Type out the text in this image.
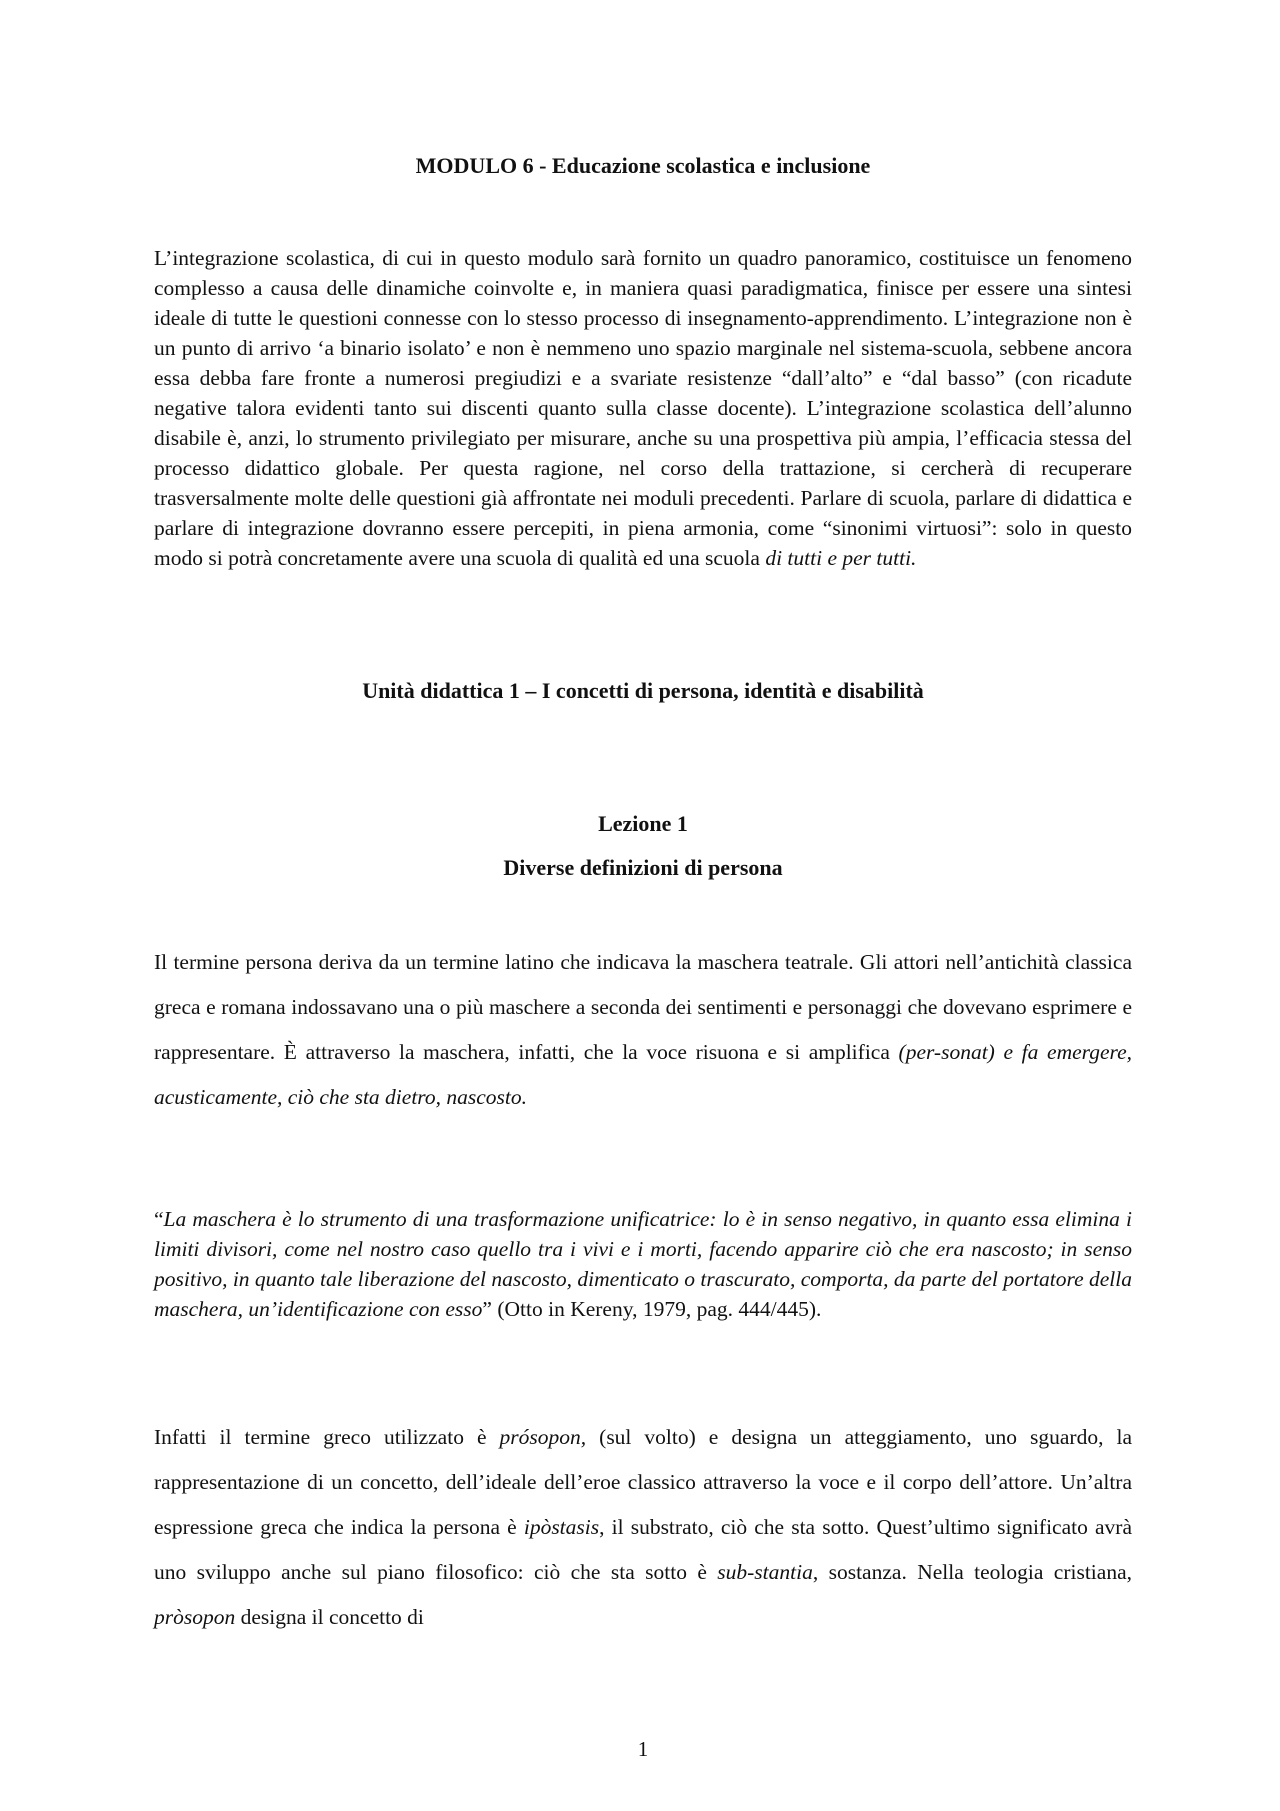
MODULO 6 - Educazione scolastica e inclusione

L’integrazione scolastica, di cui in questo modulo sarà fornito un quadro panoramico, costituisce un fenomeno complesso a causa delle dinamiche coinvolte e, in maniera quasi paradigmatica, finisce per essere una sintesi ideale di tutte le questioni connesse con lo stesso processo di insegnamento-apprendimento. L’integrazione non è un punto di arrivo ‘a binario isolato’ e non è nemmeno uno spazio marginale nel sistema-scuola, sebbene ancora essa debba fare fronte a numerosi pregiudizi e a svariate resistenze “dall’alto” e “dal basso” (con ricadute negative talora evidenti tanto sui discenti quanto sulla classe docente). L’integrazione scolastica dell’alunno disabile è, anzi, lo strumento privilegiato per misurare, anche su una prospettiva più ampia, l’efficacia stessa del processo didattico globale. Per questa ragione, nel corso della trattazione, si cercherà di recuperare trasversalmente molte delle questioni già affrontate nei moduli precedenti. Parlare di scuola, parlare di didattica e parlare di integrazione dovranno essere percepiti, in piena armonia, come “sinonimi virtuosi”: solo in questo modo si potrà concretamente avere una scuola di qualità ed una scuola di tutti e per tutti.

Unità didattica 1 – I concetti di persona, identità e disabilità
Lezione 1
Diverse definizioni di persona

Il termine persona deriva da un termine latino che indicava la maschera teatrale. Gli attori nell’antichità classica greca e romana indossavano una o più maschere a seconda dei sentimenti e personaggi che dovevano esprimere e rappresentare. È attraverso la maschera, infatti, che la voce risuona e si amplifica (per-sonat) e fa emergere, acusticamente, ciò che sta dietro, nascosto.

“La maschera è lo strumento di una trasformazione unificatrice: lo è in senso negativo, in quanto essa elimina i limiti divisori, come nel nostro caso quello tra i vivi e i morti, facendo apparire ciò che era nascosto; in senso positivo, in quanto tale liberazione del nascosto, dimenticato o trascurato, comporta, da parte del portatore della maschera, un’identificazione con esso” (Otto in Kereny, 1979, pag. 444/445).

Infatti il termine greco utilizzato è prósopon, (sul volto) e designa un atteggiamento, uno sguardo, la rappresentazione di un concetto, dell’ideale dell’eroe classico attraverso la voce e il corpo dell’attore. Un’altra espressione greca che indica la persona è ipòstasis, il substrato, ciò che sta sotto. Quest’ultimo significato avrà uno sviluppo anche sul piano filosofico: ciò che sta sotto è sub-stantia, sostanza. Nella teologia cristiana, pròsopon designa il concetto di

1
